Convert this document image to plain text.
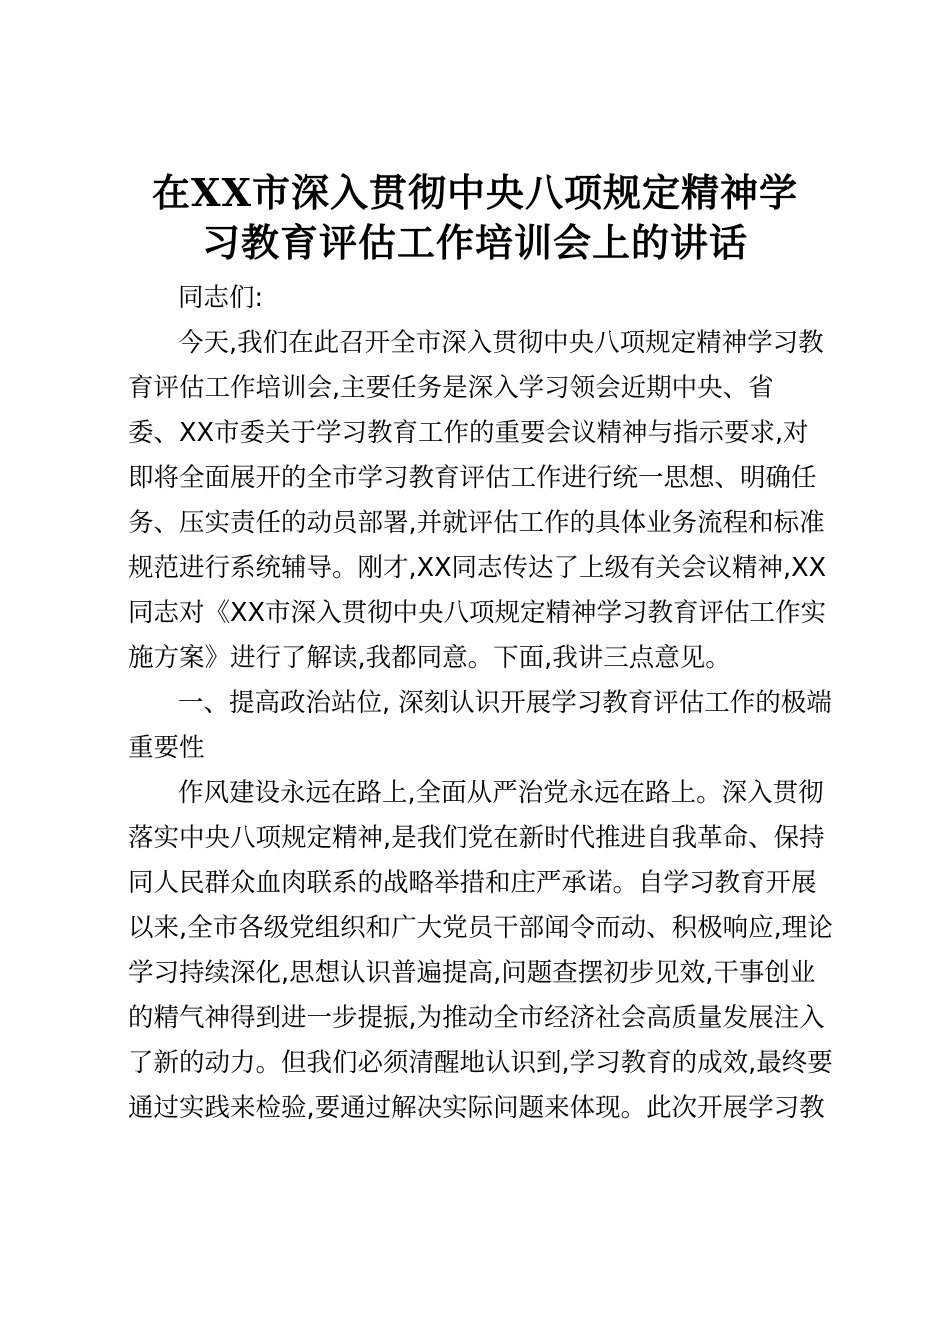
在XX市深入贯彻中央八项规定精神学
习教育评估工作培训会上的讲话
同志们:
今天,我们在此召开全市深入贯彻中央八项规定精神学习教
育评估工作培训会,主要任务是深入学习领会近期中央、省
委、XX市委关于学习教育工作的重要会议精神与指示要求,对
即将全面展开的全市学习教育评估工作进行统一思想、明确任
务、压实责任的动员部署,并就评估工作的具体业务流程和标准
规范进行系统辅导。刚才,XX同志传达了上级有关会议精神,XX
同志对《XX市深入贯彻中央八项规定精神学习教育评估工作实
施方案》进行了解读,我都同意。下面,我讲三点意见。
一、提高政治站位, 深刻认识开展学习教育评估工作的极端
重要性
作风建设永远在路上,全面从严治党永远在路上。深入贯彻
落实中央八项规定精神,是我们党在新时代推进自我革命、保持
同人民群众血肉联系的战略举措和庄严承诺。自学习教育开展
以来,全市各级党组织和广大党员干部闻令而动、积极响应,理论
学习持续深化,思想认识普遍提高,问题查摆初步见效,干事创业
的精气神得到进一步提振,为推动全市经济社会高质量发展注入
了新的动力。但我们必须清醒地认识到,学习教育的成效,最终要
通过实践来检验,要通过解决实际问题来体现。此次开展学习教
